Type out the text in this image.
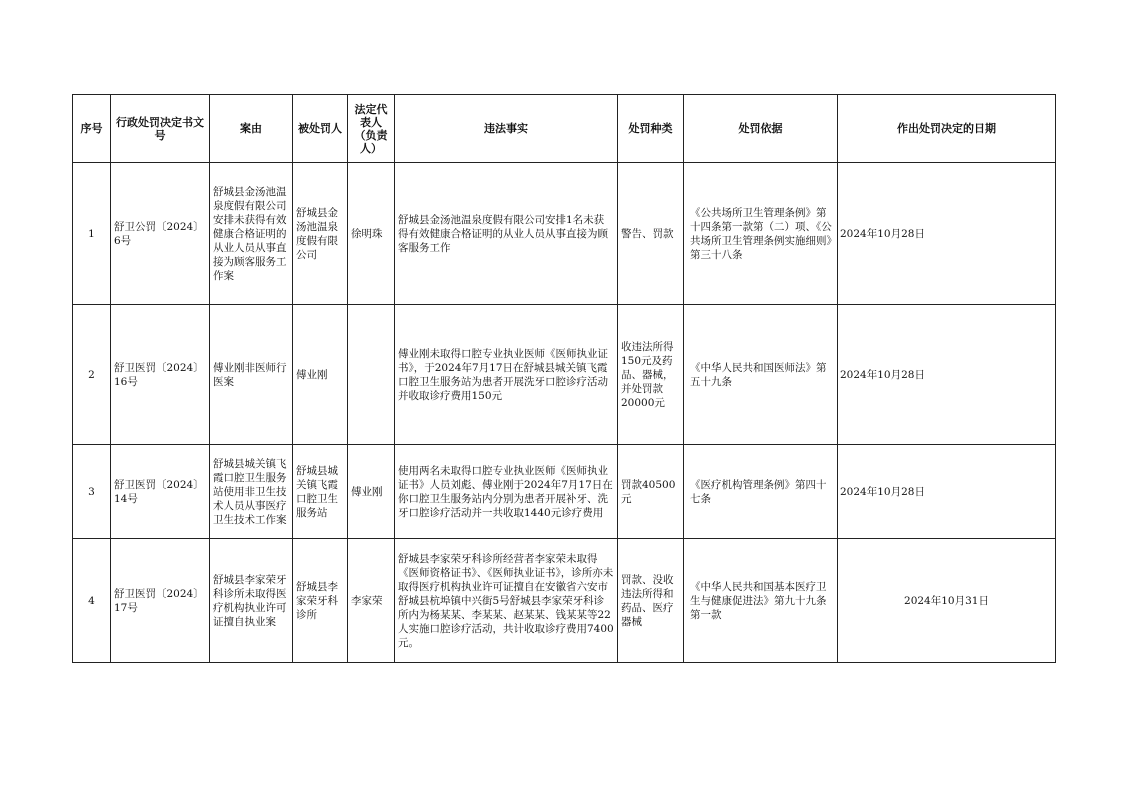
序号	行政处罚决定书文号	案由	被处罚人	法定代表人（负责人）	违法事实	处罚种类	处罚依据	作出处罚决定的日期
1	舒卫公罚〔2024〕6号	舒城县金汤池温泉度假有限公司安排未获得有效健康合格证明的从业人员从事直接为顾客服务工作案	舒城县金汤池温泉度假有限公司	徐明珠	舒城县金汤池温泉度假有限公司安排1名未获得有效健康合格证明的从业人员从事直接为顾客服务工作	警告、罚款	《公共场所卫生管理条例》第十四条第一款第（二）项、《公共场所卫生管理条例实施细则》第三十八条	2024年10月28日
2	舒卫医罚〔2024〕16号	傅业刚非医师行医案	傅业刚		傅业刚未取得口腔专业执业医师《医师执业证书》，于2024年7月17日在舒城县城关镇飞霞口腔卫生服务站为患者开展洗牙口腔诊疗活动并收取诊疗费用150元	收违法所得150元及药品、器械，并处罚款20000元	《中华人民共和国医师法》第五十九条	2024年10月28日
3	舒卫医罚〔2024〕14号	舒城县城关镇飞霞口腔卫生服务站使用非卫生技术人员从事医疗卫生技术工作案	舒城县城关镇飞霞口腔卫生服务站	傅业刚	使用两名未取得口腔专业执业医师《医师执业证书》人员刘彪、傅业刚于2024年7月17日在你口腔卫生服务站内分别为患者开展补牙、洗牙口腔诊疗活动并一共收取1440元诊疗费用	罚款40500元	《医疗机构管理条例》第四十七条	2024年10月28日
4	舒卫医罚〔2024〕17号	舒城县李家荣牙科诊所未取得医疗机构执业许可证擅自执业案	舒城县李家荣牙科诊所	李家荣	舒城县李家荣牙科诊所经营者李家荣未取得《医师资格证书》、《医师执业证书》，诊所亦未取得医疗机构执业许可证擅自在安徽省六安市舒城县杭埠镇中兴街5号舒城县李家荣牙科诊所内为杨某某、李某某、赵某某、钱某某等22人实施口腔诊疗活动，共计收取诊疗费用7400元。	罚款、没收违法所得和药品、医疗器械	《中华人民共和国基本医疗卫生与健康促进法》第九十九条第一款	2024年10月31日
